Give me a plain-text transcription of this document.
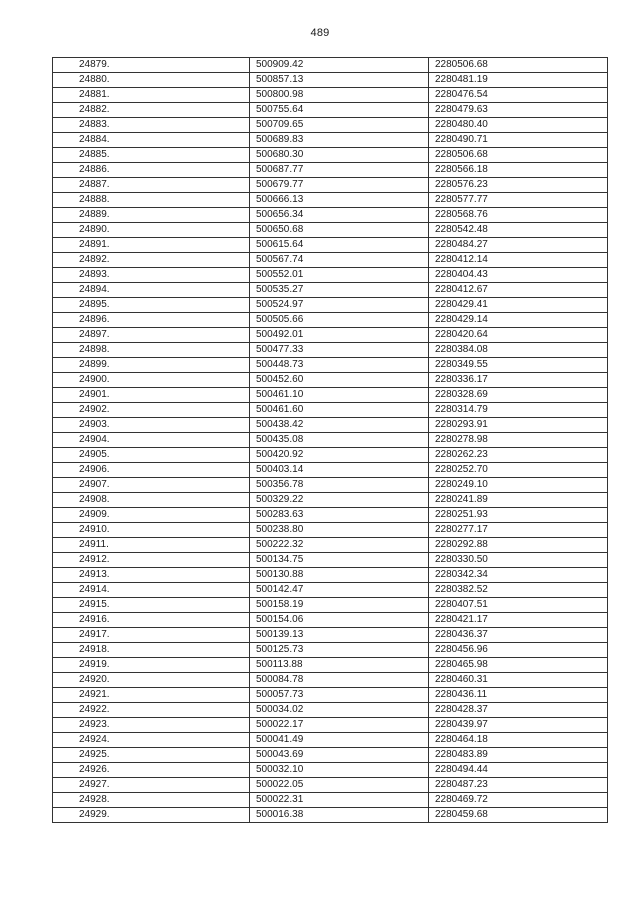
489
24879.	500909.42	2280506.68
24880.	500857.13	2280481.19
24881.	500800.98	2280476.54
24882.	500755.64	2280479.63
24883.	500709.65	2280480.40
24884.	500689.83	2280490.71
24885.	500680.30	2280506.68
24886.	500687.77	2280566.18
24887.	500679.77	2280576.23
24888.	500666.13	2280577.77
24889.	500656.34	2280568.76
24890.	500650.68	2280542.48
24891.	500615.64	2280484.27
24892.	500567.74	2280412.14
24893.	500552.01	2280404.43
24894.	500535.27	2280412.67
24895.	500524.97	2280429.41
24896.	500505.66	2280429.14
24897.	500492.01	2280420.64
24898.	500477.33	2280384.08
24899.	500448.73	2280349.55
24900.	500452.60	2280336.17
24901.	500461.10	2280328.69
24902.	500461.60	2280314.79
24903.	500438.42	2280293.91
24904.	500435.08	2280278.98
24905.	500420.92	2280262.23
24906.	500403.14	2280252.70
24907.	500356.78	2280249.10
24908.	500329.22	2280241.89
24909.	500283.63	2280251.93
24910.	500238.80	2280277.17
24911.	500222.32	2280292.88
24912.	500134.75	2280330.50
24913.	500130.88	2280342.34
24914.	500142.47	2280382.52
24915.	500158.19	2280407.51
24916.	500154.06	2280421.17
24917.	500139.13	2280436.37
24918.	500125.73	2280456.96
24919.	500113.88	2280465.98
24920.	500084.78	2280460.31
24921.	500057.73	2280436.11
24922.	500034.02	2280428.37
24923.	500022.17	2280439.97
24924.	500041.49	2280464.18
24925.	500043.69	2280483.89
24926.	500032.10	2280494.44
24927.	500022.05	2280487.23
24928.	500022.31	2280469.72
24929.	500016.38	2280459.68
